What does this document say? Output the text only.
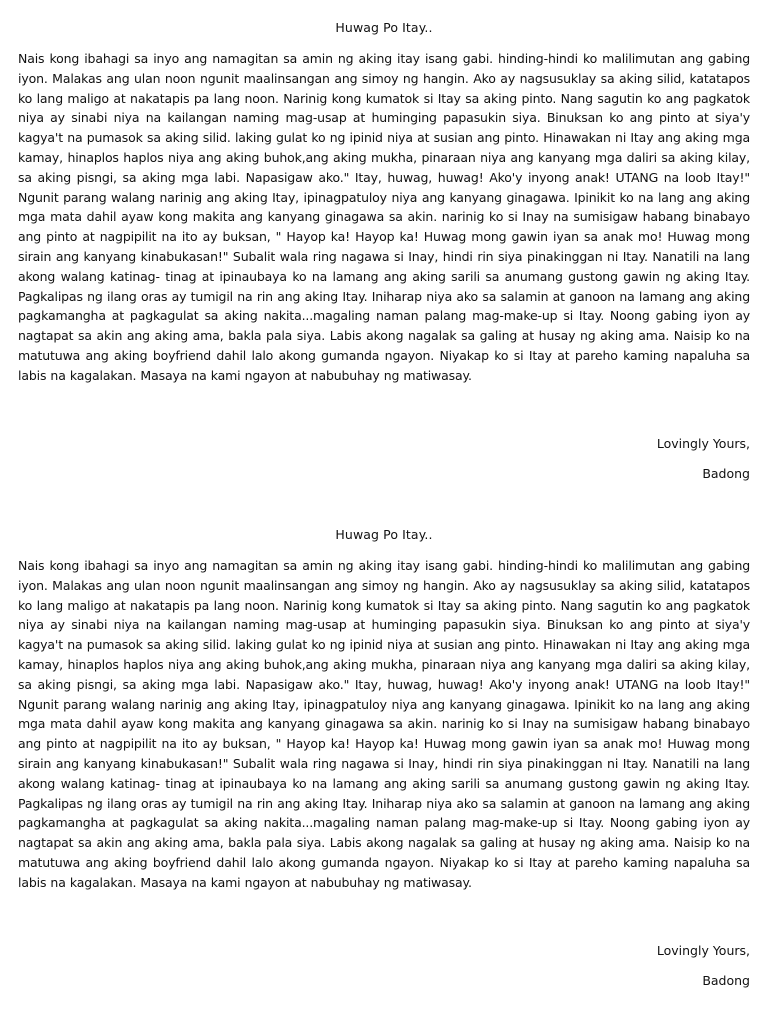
Huwag Po Itay..

Nais kong ibahagi sa inyo ang namagitan sa amin ng aking itay isang gabi. hinding-hindi ko malilimutan ang gabing iyon. Malakas ang ulan noon ngunit maalinsangan ang simoy ng hangin. Ako ay nagsusuklay sa aking silid, katatapos ko lang maligo at nakatapis pa lang noon. Narinig kong kumatok si Itay sa aking pinto. Nang sagutin ko ang pagkatok niya ay sinabi niya na kailangan naming mag-usap at huminging papasukin siya. Binuksan ko ang pinto at siya'y kagya't na pumasok sa aking silid. laking gulat ko ng ipinid niya at susian ang pinto. Hinawakan ni Itay ang aking mga kamay, hinaplos haplos niya ang aking buhok,ang aking mukha, pinaraan niya ang kanyang mga daliri sa aking kilay, sa aking pisngi, sa aking mga labi. Napasigaw ako." Itay, huwag, huwag! Ako'y inyong anak! UTANG na loob Itay!" Ngunit parang walang narinig ang aking Itay, ipinagpatuloy niya ang kanyang ginagawa. Ipinikit ko na lang ang aking mga mata dahil ayaw kong makita ang kanyang ginagawa sa akin. narinig ko si Inay na sumisigaw habang binabayo ang pinto at nagpipilit na ito ay buksan, " Hayop ka! Hayop ka! Huwag mong gawin iyan sa anak mo! Huwag mong sirain ang kanyang kinabukasan!" Subalit wala ring nagawa si Inay, hindi rin siya pinakinggan ni Itay. Nanatili na lang akong walang katinag- tinag at ipinaubaya ko na lamang ang aking sarili sa anumang gustong gawin ng aking Itay. Pagkalipas ng ilang oras ay tumigil na rin ang aking Itay. Iniharap niya ako sa salamin at ganoon na lamang ang aking pagkamangha at pagkagulat sa aking nakita...magaling naman palang mag-make-up si Itay. Noong gabing iyon ay nagtapat sa akin ang aking ama, bakla pala siya. Labis akong nagalak sa galing at husay ng aking ama. Naisip ko na matutuwa ang aking boyfriend dahil lalo akong gumanda ngayon. Niyakap ko si Itay at pareho kaming napaluha sa labis na kagalakan. Masaya na kami ngayon at nabubuhay ng matiwasay.

Lovingly Yours,
Badong
Huwag Po Itay..

Nais kong ibahagi sa inyo ang namagitan sa amin ng aking itay isang gabi. hinding-hindi ko malilimutan ang gabing iyon. Malakas ang ulan noon ngunit maalinsangan ang simoy ng hangin. Ako ay nagsusuklay sa aking silid, katatapos ko lang maligo at nakatapis pa lang noon. Narinig kong kumatok si Itay sa aking pinto. Nang sagutin ko ang pagkatok niya ay sinabi niya na kailangan naming mag-usap at huminging papasukin siya. Binuksan ko ang pinto at siya'y kagya't na pumasok sa aking silid. laking gulat ko ng ipinid niya at susian ang pinto. Hinawakan ni Itay ang aking mga kamay, hinaplos haplos niya ang aking buhok,ang aking mukha, pinaraan niya ang kanyang mga daliri sa aking kilay, sa aking pisngi, sa aking mga labi. Napasigaw ako." Itay, huwag, huwag! Ako'y inyong anak! UTANG na loob Itay!" Ngunit parang walang narinig ang aking Itay, ipinagpatuloy niya ang kanyang ginagawa. Ipinikit ko na lang ang aking mga mata dahil ayaw kong makita ang kanyang ginagawa sa akin. narinig ko si Inay na sumisigaw habang binabayo ang pinto at nagpipilit na ito ay buksan, " Hayop ka! Hayop ka! Huwag mong gawin iyan sa anak mo! Huwag mong sirain ang kanyang kinabukasan!" Subalit wala ring nagawa si Inay, hindi rin siya pinakinggan ni Itay. Nanatili na lang akong walang katinag- tinag at ipinaubaya ko na lamang ang aking sarili sa anumang gustong gawin ng aking Itay. Pagkalipas ng ilang oras ay tumigil na rin ang aking Itay. Iniharap niya ako sa salamin at ganoon na lamang ang aking pagkamangha at pagkagulat sa aking nakita...magaling naman palang mag-make-up si Itay. Noong gabing iyon ay nagtapat sa akin ang aking ama, bakla pala siya. Labis akong nagalak sa galing at husay ng aking ama. Naisip ko na matutuwa ang aking boyfriend dahil lalo akong gumanda ngayon. Niyakap ko si Itay at pareho kaming napaluha sa labis na kagalakan. Masaya na kami ngayon at nabubuhay ng matiwasay.

Lovingly Yours,
Badong
